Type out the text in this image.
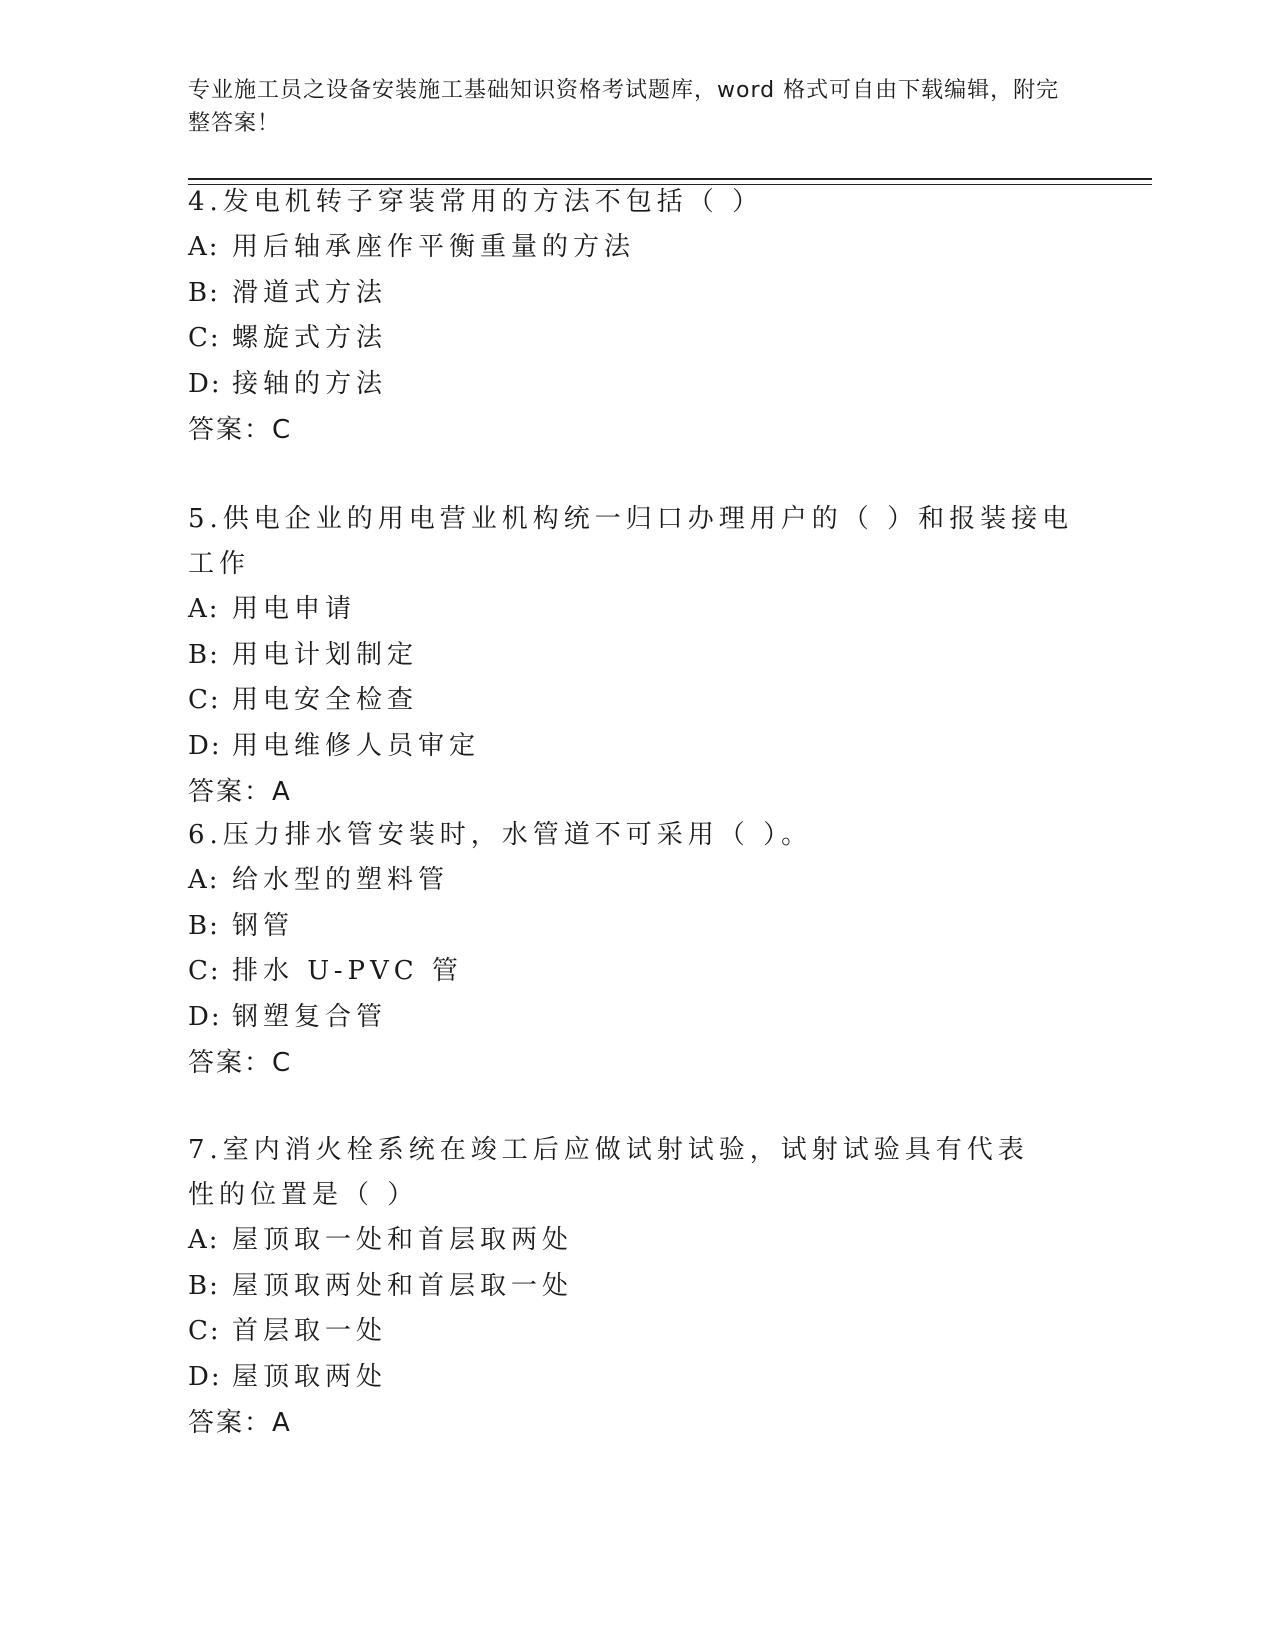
专业施工员之设备安装施工基础知识资格考试题库，word 格式可自由下载编辑，附完整答案！
4.发电机转子穿装常用的方法不包括（ ）
A: 用后轴承座作平衡重量的方法
B: 滑道式方法
C: 螺旋式方法
D: 接轴的方法
答案：C
5.供电企业的用电营业机构统一归口办理用户的（ ）和报装接电工作
A: 用电申请
B: 用电计划制定
C: 用电安全检查
D: 用电维修人员审定
答案：A
6.压力排水管安装时，水管道不可采用（ ）。
A: 给水型的塑料管
B: 钢管
C: 排水 U-PVC 管
D: 钢塑复合管
答案：C
7.室内消火栓系统在竣工后应做试射试验，试射试验具有代表性的位置是（ ）
A: 屋顶取一处和首层取两处
B: 屋顶取两处和首层取一处
C: 首层取一处
D: 屋顶取两处
答案：A
